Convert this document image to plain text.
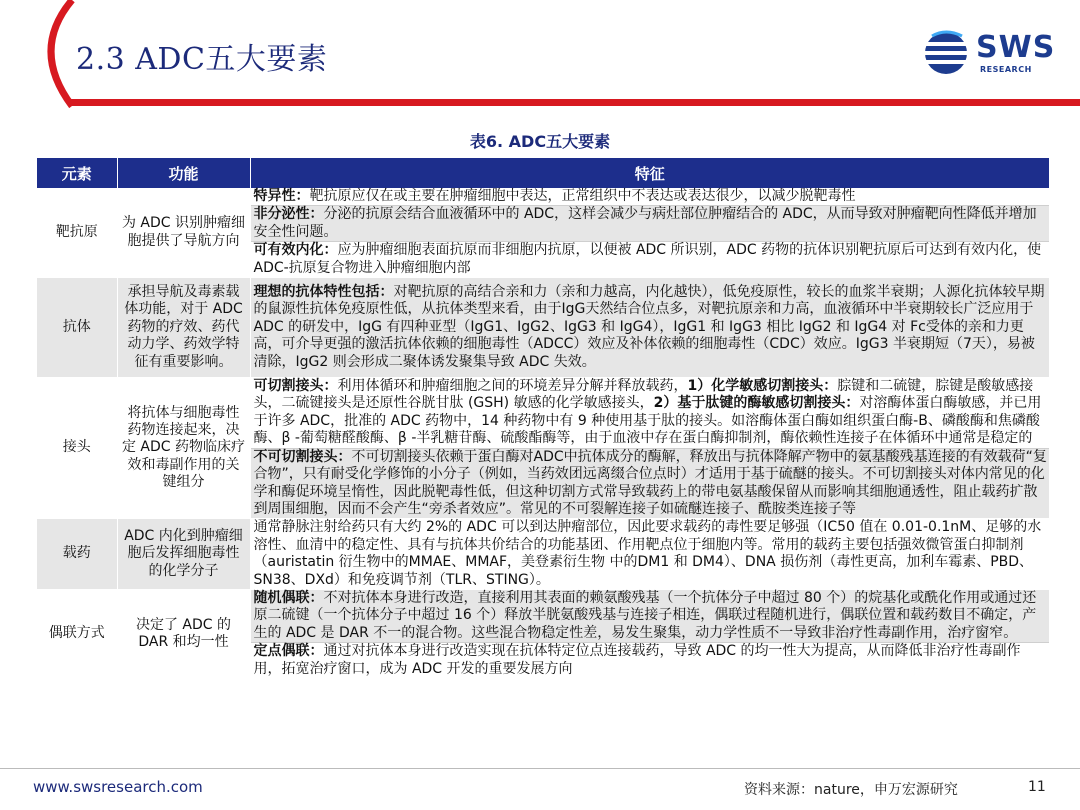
2.3 ADC五大要素	SWS
RESEARCH
表6. ADC五大要素
元素	功能	特征
靶抗原	为 ADC 识别肿瘤细胞提供了导航方向	特异性：靶抗原应仅在或主要在肿瘤细胞中表达，正常组织中不表达或表达很少，以减少脱靶毒性
非分泌性：分泌的抗原会结合血液循环中的 ADC，这样会减少与病灶部位肿瘤结合的 ADC，从而导致对肿瘤靶向性降低并增加安全性问题。
可有效内化：应为肿瘤细胞表面抗原而非细胞内抗原，以便被 ADC 所识别，ADC 药物的抗体识别靶抗原后可达到有效内化，使 ADC-抗原复合物进入肿瘤细胞内部

抗体	承担导航及毒素载体功能，对于 ADC 药物的疗效、药代动力学、药效学特征有重要影响。	理想的抗体特性包括：对靶抗原的高结合亲和力（亲和力越高，内化越快），低免疫原性，较长的血浆半衰期；人源化抗体较早期的鼠源性抗体免疫原性低，从抗体类型来看，由于IgG天然结合位点多，对靶抗原亲和力高，血液循环中半衰期较长广泛应用于 ADC 的研发中，IgG 有四种亚型（IgG1、IgG2、IgG3 和 IgG4），IgG1 和 IgG3 相比 IgG2 和 IgG4 对 Fc受体的亲和力更高，可介导更强的激活抗体依赖的细胞毒性（ADCC）效应及补体依赖的细胞毒性（CDC）效应。IgG3 半衰期短（7天），易被清除，IgG2 则会形成二聚体诱发聚集导致 ADC 失效。

接头	将抗体与细胞毒性药物连接起来，决定 ADC 药物临床疗效和毒副作用的关键组分	可切割接头：利用体循环和肿瘤细胞之间的环境差异分解并释放载药，1）化学敏感切割接头：腙键和二硫键，腙键是酸敏感接头，二硫键接头是还原性谷胱甘肽 (GSH) 敏感的化学敏感接头，2）基于肽键的酶敏感切割接头：对溶酶体蛋白酶敏感，并已用于许多 ADC，批准的 ADC 药物中，14 种药物中有 9 种使用基于肽的接头。如溶酶体蛋白酶如组织蛋白酶-B、磷酸酶和焦磷酸酶、β -葡萄糖醛酸酶、β -半乳糖苷酶、硫酸酯酶等，由于血液中存在蛋白酶抑制剂，酶依赖性连接子在体循环中通常是稳定的
不可切割接头：不可切割接头依赖于蛋白酶对ADC中抗体成分的酶解，释放出与抗体降解产物中的氨基酸残基连接的有效载荷“复合物”，只有耐受化学修饰的小分子（例如，当药效团远离缀合位点时）才适用于基于硫醚的接头。不可切割接头对体内常见的化学和酶促环境呈惰性，因此脱靶毒性低，但这种切割方式常导致载药上的带电氨基酸保留从而影响其细胞通透性，阻止载药扩散到周围细胞，因而不会产生“旁杀者效应”。常见的不可裂解连接子如硫醚连接子、酰胺类连接子等

载药	ADC 内化到肿瘤细胞后发挥细胞毒性的化学分子	通常静脉注射给药只有大约 2%的 ADC 可以到达肿瘤部位，因此要求载药的毒性要足够强（IC50 值在 0.01-0.1nM、足够的水溶性、血清中的稳定性、具有与抗体共价结合的功能基团、作用靶点位于细胞内等。常用的载药主要包括强效微管蛋白抑制剂（auristatin 衍生物中的MMAE、MMAF，美登素衍生物 中的DM1 和 DM4）、DNA 损伤剂（毒性更高，加利车霉素、PBD、SN38、DXd）和免疫调节剂（TLR、STING）。

偶联方式	决定了 ADC 的 DAR 和均一性	随机偶联：不对抗体本身进行改造，直接利用其表面的赖氨酸残基（一个抗体分子中超过 80 个）的烷基化或酰化作用或通过还原二硫键（一个抗体分子中超过 16 个）释放半胱氨酸残基与连接子相连，偶联过程随机进行，偶联位置和载药数目不确定，产生的 ADC 是 DAR 不一的混合物。这些混合物稳定性差，易发生聚集，动力学性质不一导致非治疗性毒副作用，治疗窗窄。
定点偶联：通过对抗体本身进行改造实现在抗体特定位点连接载药，导致 ADC 的均一性大为提高，从而降低非治疗性毒副作用，拓宽治疗窗口，成为 ADC 开发的重要发展方向
www.swsresearch.com	资料来源：nature，申万宏源研究	11
